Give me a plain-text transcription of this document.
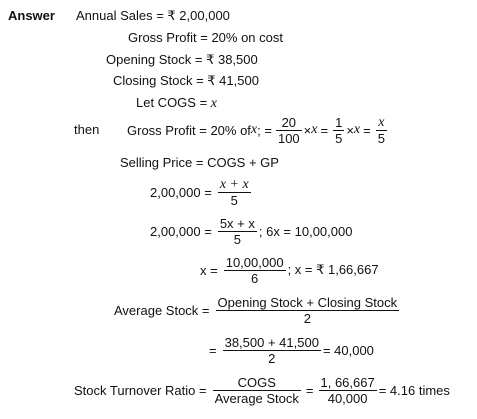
Answer Annual Sales = ₹ 2,00,000
Gross Profit = 20% on cost
Opening Stock = ₹ 38,500
Closing Stock = ₹ 41,500
Let COGS = x
then Gross Profit = 20% of x ; = $\frac{20}{100} \times x = \frac{1}{5} \times x = \frac{x}{5}$
Selling Price = COGS + GP
$2,00,000 = \frac{x + x}{5}$
$2,00,000 = \frac{5x + x}{5}$ ; 6x = 10,00,000
$x = \frac{10,00,000}{6}$ ; x = ₹ 1,66,667
Average Stock = $\frac{\text{Opening Stock + Closing Stock}}{2}$
= $\frac{38,500 + 41,500}{2} = 40,000$
Stock Turnover Ratio = $\frac{\text{COGS}}{\text{Average Stock}} = \frac{1, 66,667}{40,000} = 4.16$ times
